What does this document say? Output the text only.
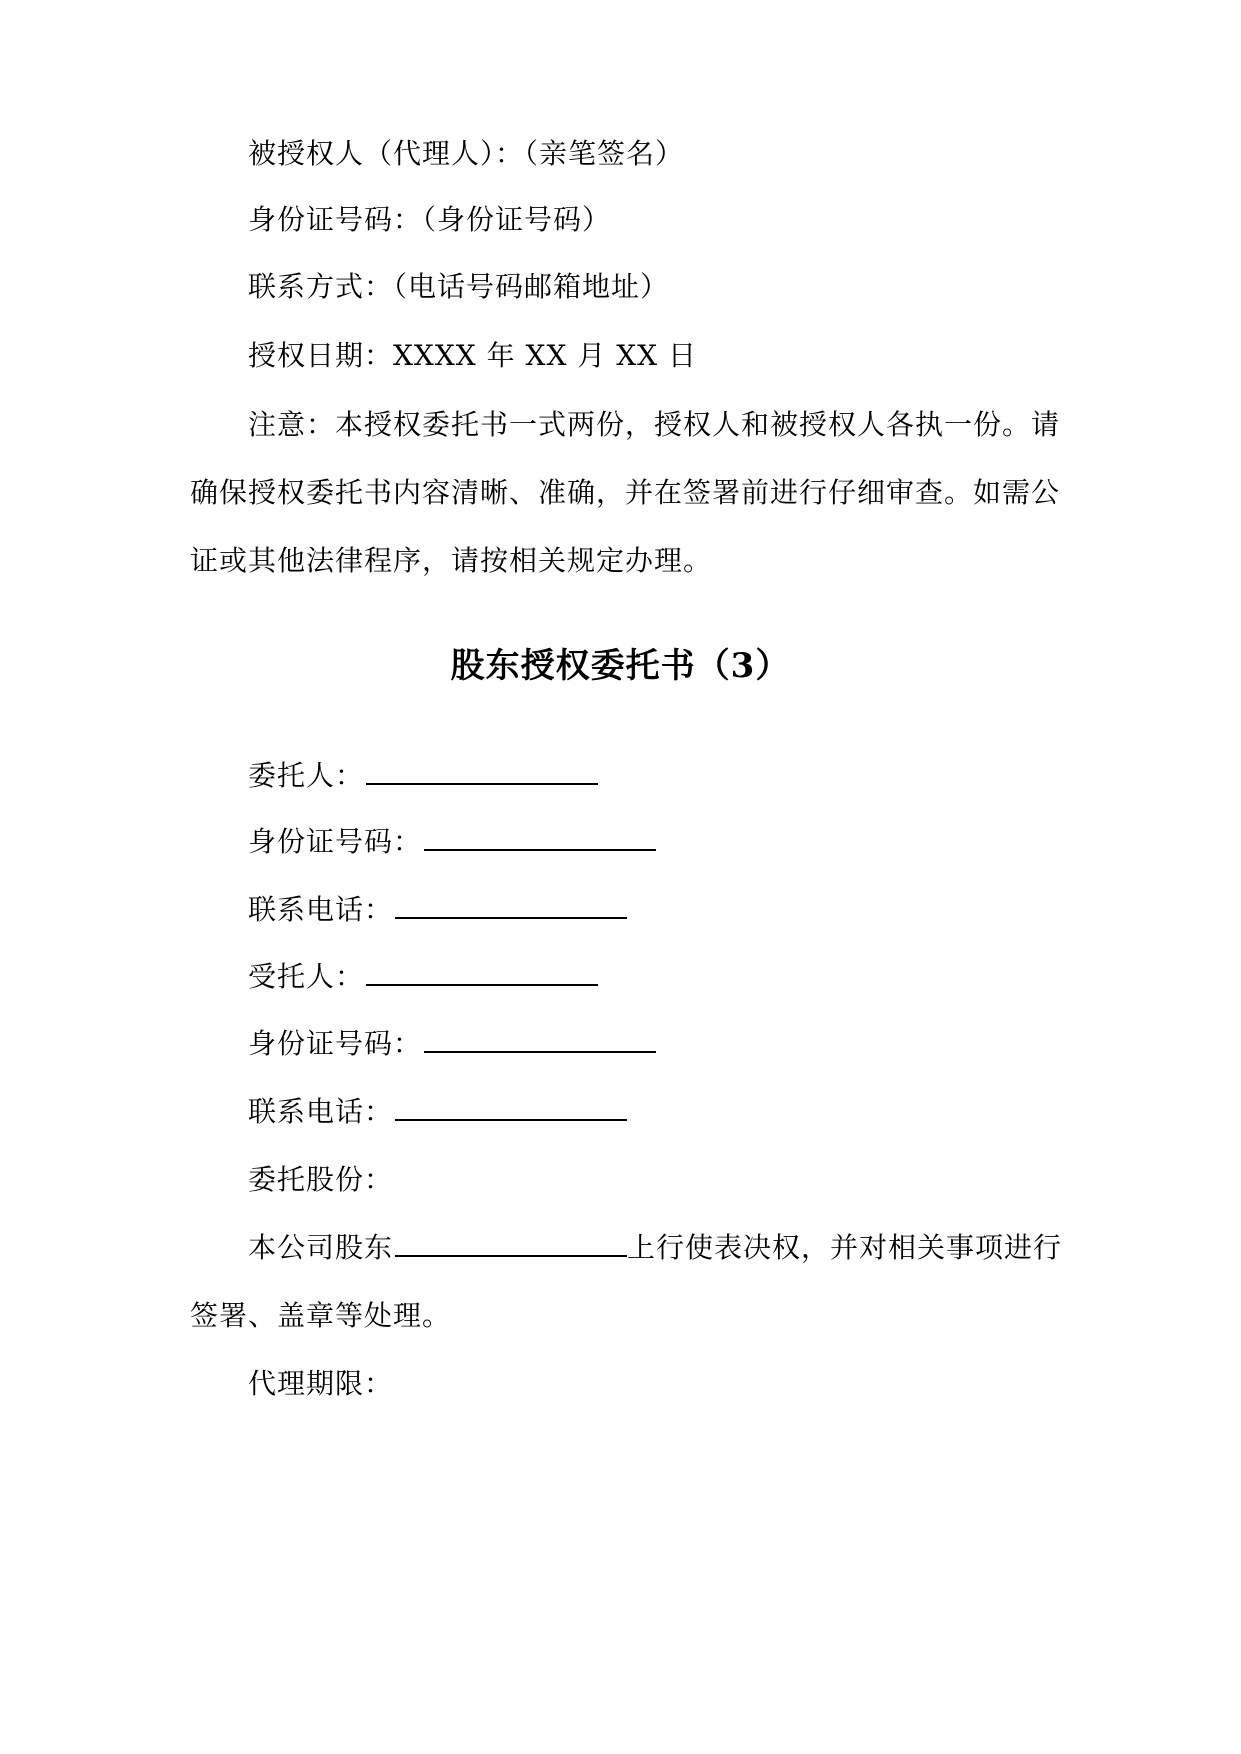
被授权人（代理人）：（亲笔签名）
身份证号码：（身份证号码）
联系方式：（电话号码邮箱地址）
授权日期：XXXX 年 XX 月 XX 日
注意：本授权委托书一式两份，授权人和被授权人各执一份。请
确保授权委托书内容清晰、准确，并在签署前进行仔细审查。如需公
证或其他法律程序，请按相关规定办理。
股东授权委托书（3）
委托人：
身份证号码：
联系电话：
受托人：
身份证号码：
联系电话：
委托股份：
本公司股东	上行使表决权，并对相关事项进行
签署、盖章等处理。
代理期限：
